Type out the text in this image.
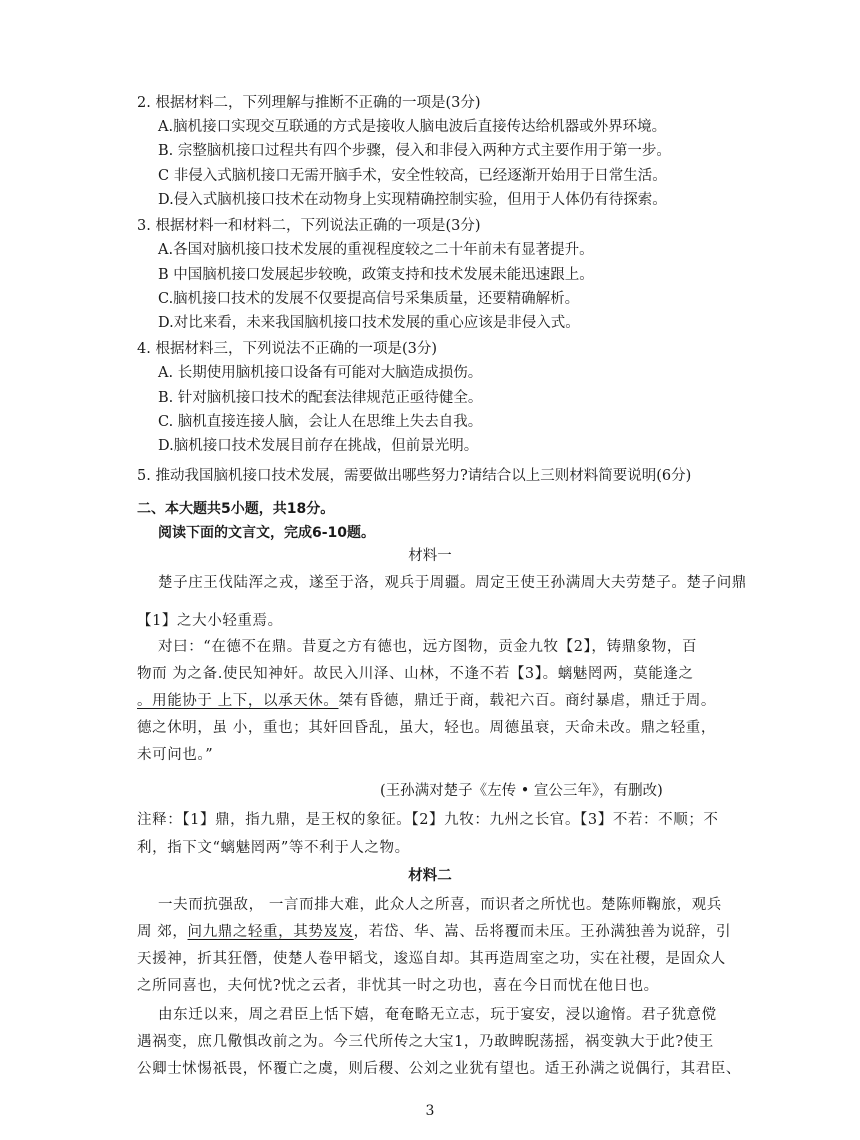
2. 根据材料二，下列理解与推断不正确的一项是(3分)
A.脑机接口实现交互联通的方式是接收人脑电波后直接传达给机器或外界环境。
B. 宗整脑机接口过程共有四个步骤，侵入和非侵入两种方式主要作用于第一步。
C 非侵入式脑机接口无需开脑手术，安全性较高，已经逐渐开始用于日常生活。
D.侵入式脑机接口技术在动物身上实现精确控制实验，但用于人体仍有待探索。
3. 根据材料一和材料二，下列说法正确的一项是(3分)
A.各国对脑机接口技术发展的重视程度较之二十年前未有显著提升。
B 中国脑机接口发展起步较晚，政策支持和技术发展未能迅速跟上。
C.脑机接口技术的发展不仅要提高信号采集质量，还要精确解析。
D.对比来看，未来我国脑机接口技术发展的重心应该是非侵入式。
4. 根据材料三，下列说法不正确的一项是(3分)
A. 长期使用脑机接口设备有可能对大脑造成损伤。
B. 针对脑机接口技术的配套法律规范正亟待健全。
C. 脑机直接连接人脑，会让人在思维上失去自我。
D.脑机接口技术发展目前存在挑战，但前景光明。
5. 推动我国脑机接口技术发展，需要做出哪些努力?请结合以上三则材料简要说明(6分)
二、本大题共5小题，共18分。
阅读下面的文言文，完成6-10题。
材料一
楚子庄王伐陆浑之戎，遂至于洛，观兵于周疆。周定王使王孙满周大夫劳楚子。楚子问鼎
【1】之大小轻重焉。
对曰：“在德不在鼎。昔夏之方有德也，远方图物，贡金九牧【2】，铸鼎象物，百
物而 为之备.使民知神奸。故民入川泽、山林，不逢不若【3】。螭魅罔两，莫能逢之
。用能协于 上下，以承天休。桀有昏德，鼎迁于商，载祀六百。商纣暴虐，鼎迁于周。
德之休明，虽 小，重也；其奸回昏乱，虽大，轻也。周德虽衰，天命未改。鼎之轻重，
未可问也。”
(王孙满对楚子《左传 • 宣公三年》，有删改)
注释：【1】鼎，指九鼎，是王权的象征。【2】九牧：九州之长官。【3】不若：不顺；不
利，指下文“螭魅罔两”等不利于人之物。
材料二
一夫而抗强敌， 一言而排大难，此众人之所喜，而识者之所忧也。楚陈师鞠旅，观兵
周 郊，问九鼎之轻重，其势岌岌，若岱、华、嵩、岳将覆而未压。王孙满独善为说辞，引
天援神，折其狂僭，使楚人卷甲韬戈，逡巡自却。其再造周室之功，实在社稷，是固众人
之所同喜也，夫何忧?忧之云者，非忧其一时之功也，喜在今日而忧在他日也。
由东迁以来，周之君臣上恬下嬉，奄奄略无立志，玩于宴安，浸以逾惰。君子犹意傥
遇祸变，庶几儆惧改前之为。今三代所传之大宝1，乃敢睥睨荡摇，祸变孰大于此?使王
公卿士怵惕祇畏，怀覆亡之虞，则后稷、公刘之业犹有望也。适王孙满之说偶行，其君臣、
3
